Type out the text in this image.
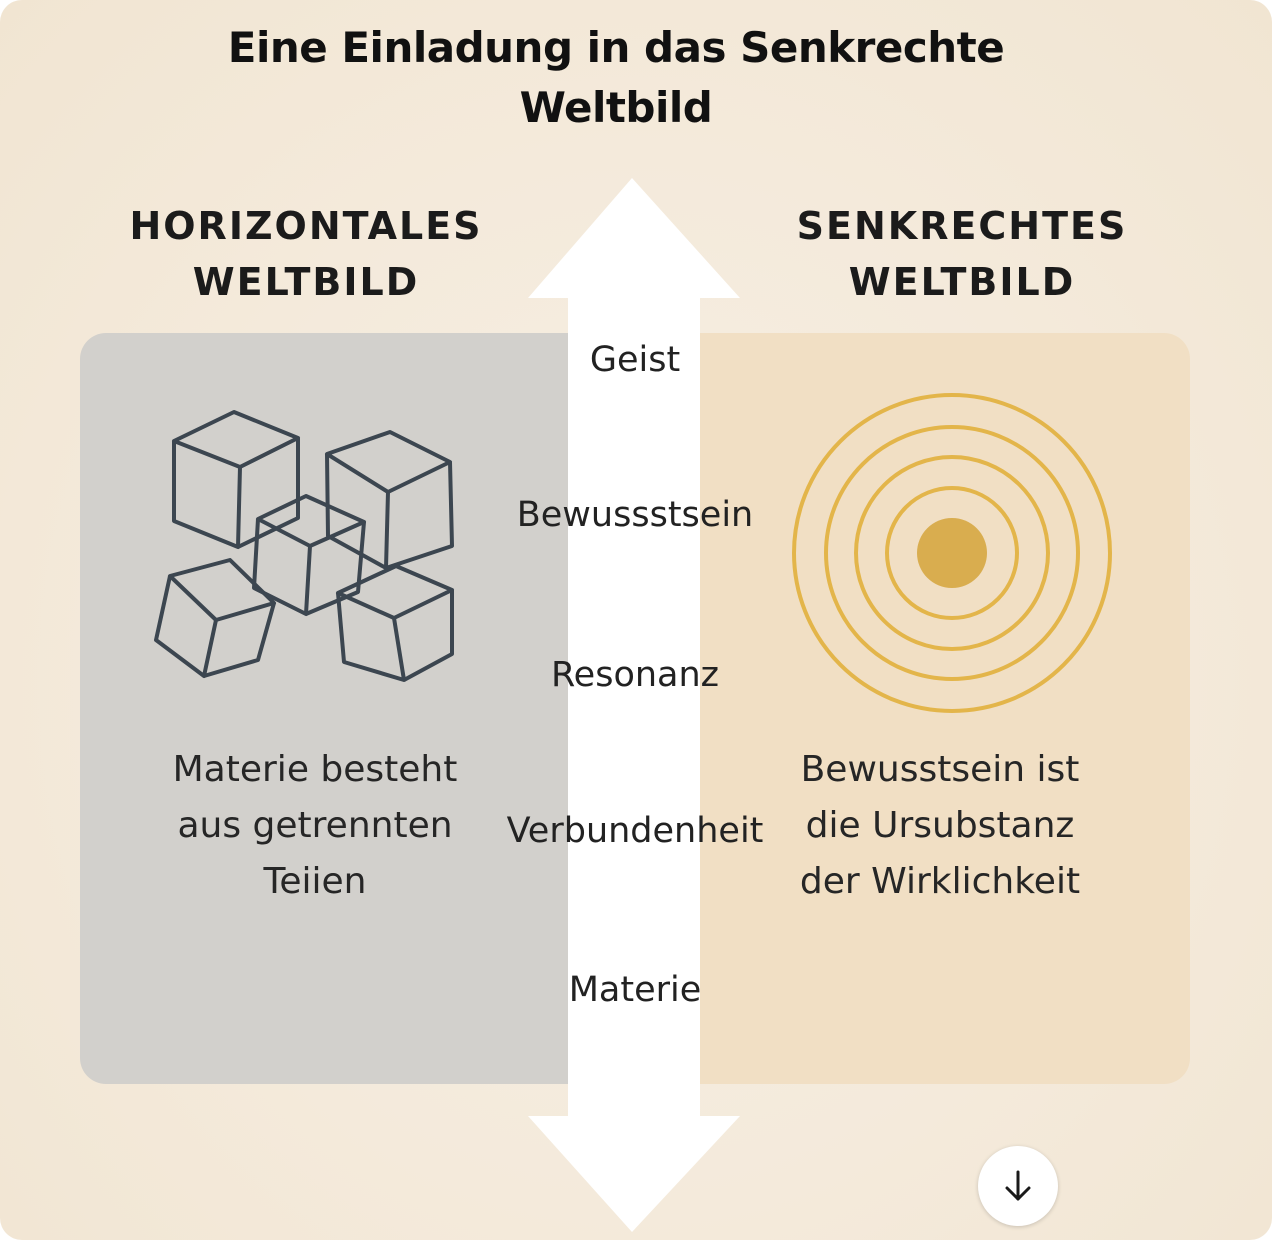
Eine Einladung in das Senkrechte
Weltbild
HORIZONTALES
WELTBILD
SENKRECHTES
WELTBILD
Geist
Bewussstsein
Resonanz
Verbundenheit
Materie
Materie besteht
aus getrennten
Teiien
Bewusstsein ist
die Ursubstanz
der Wirklichkeit
